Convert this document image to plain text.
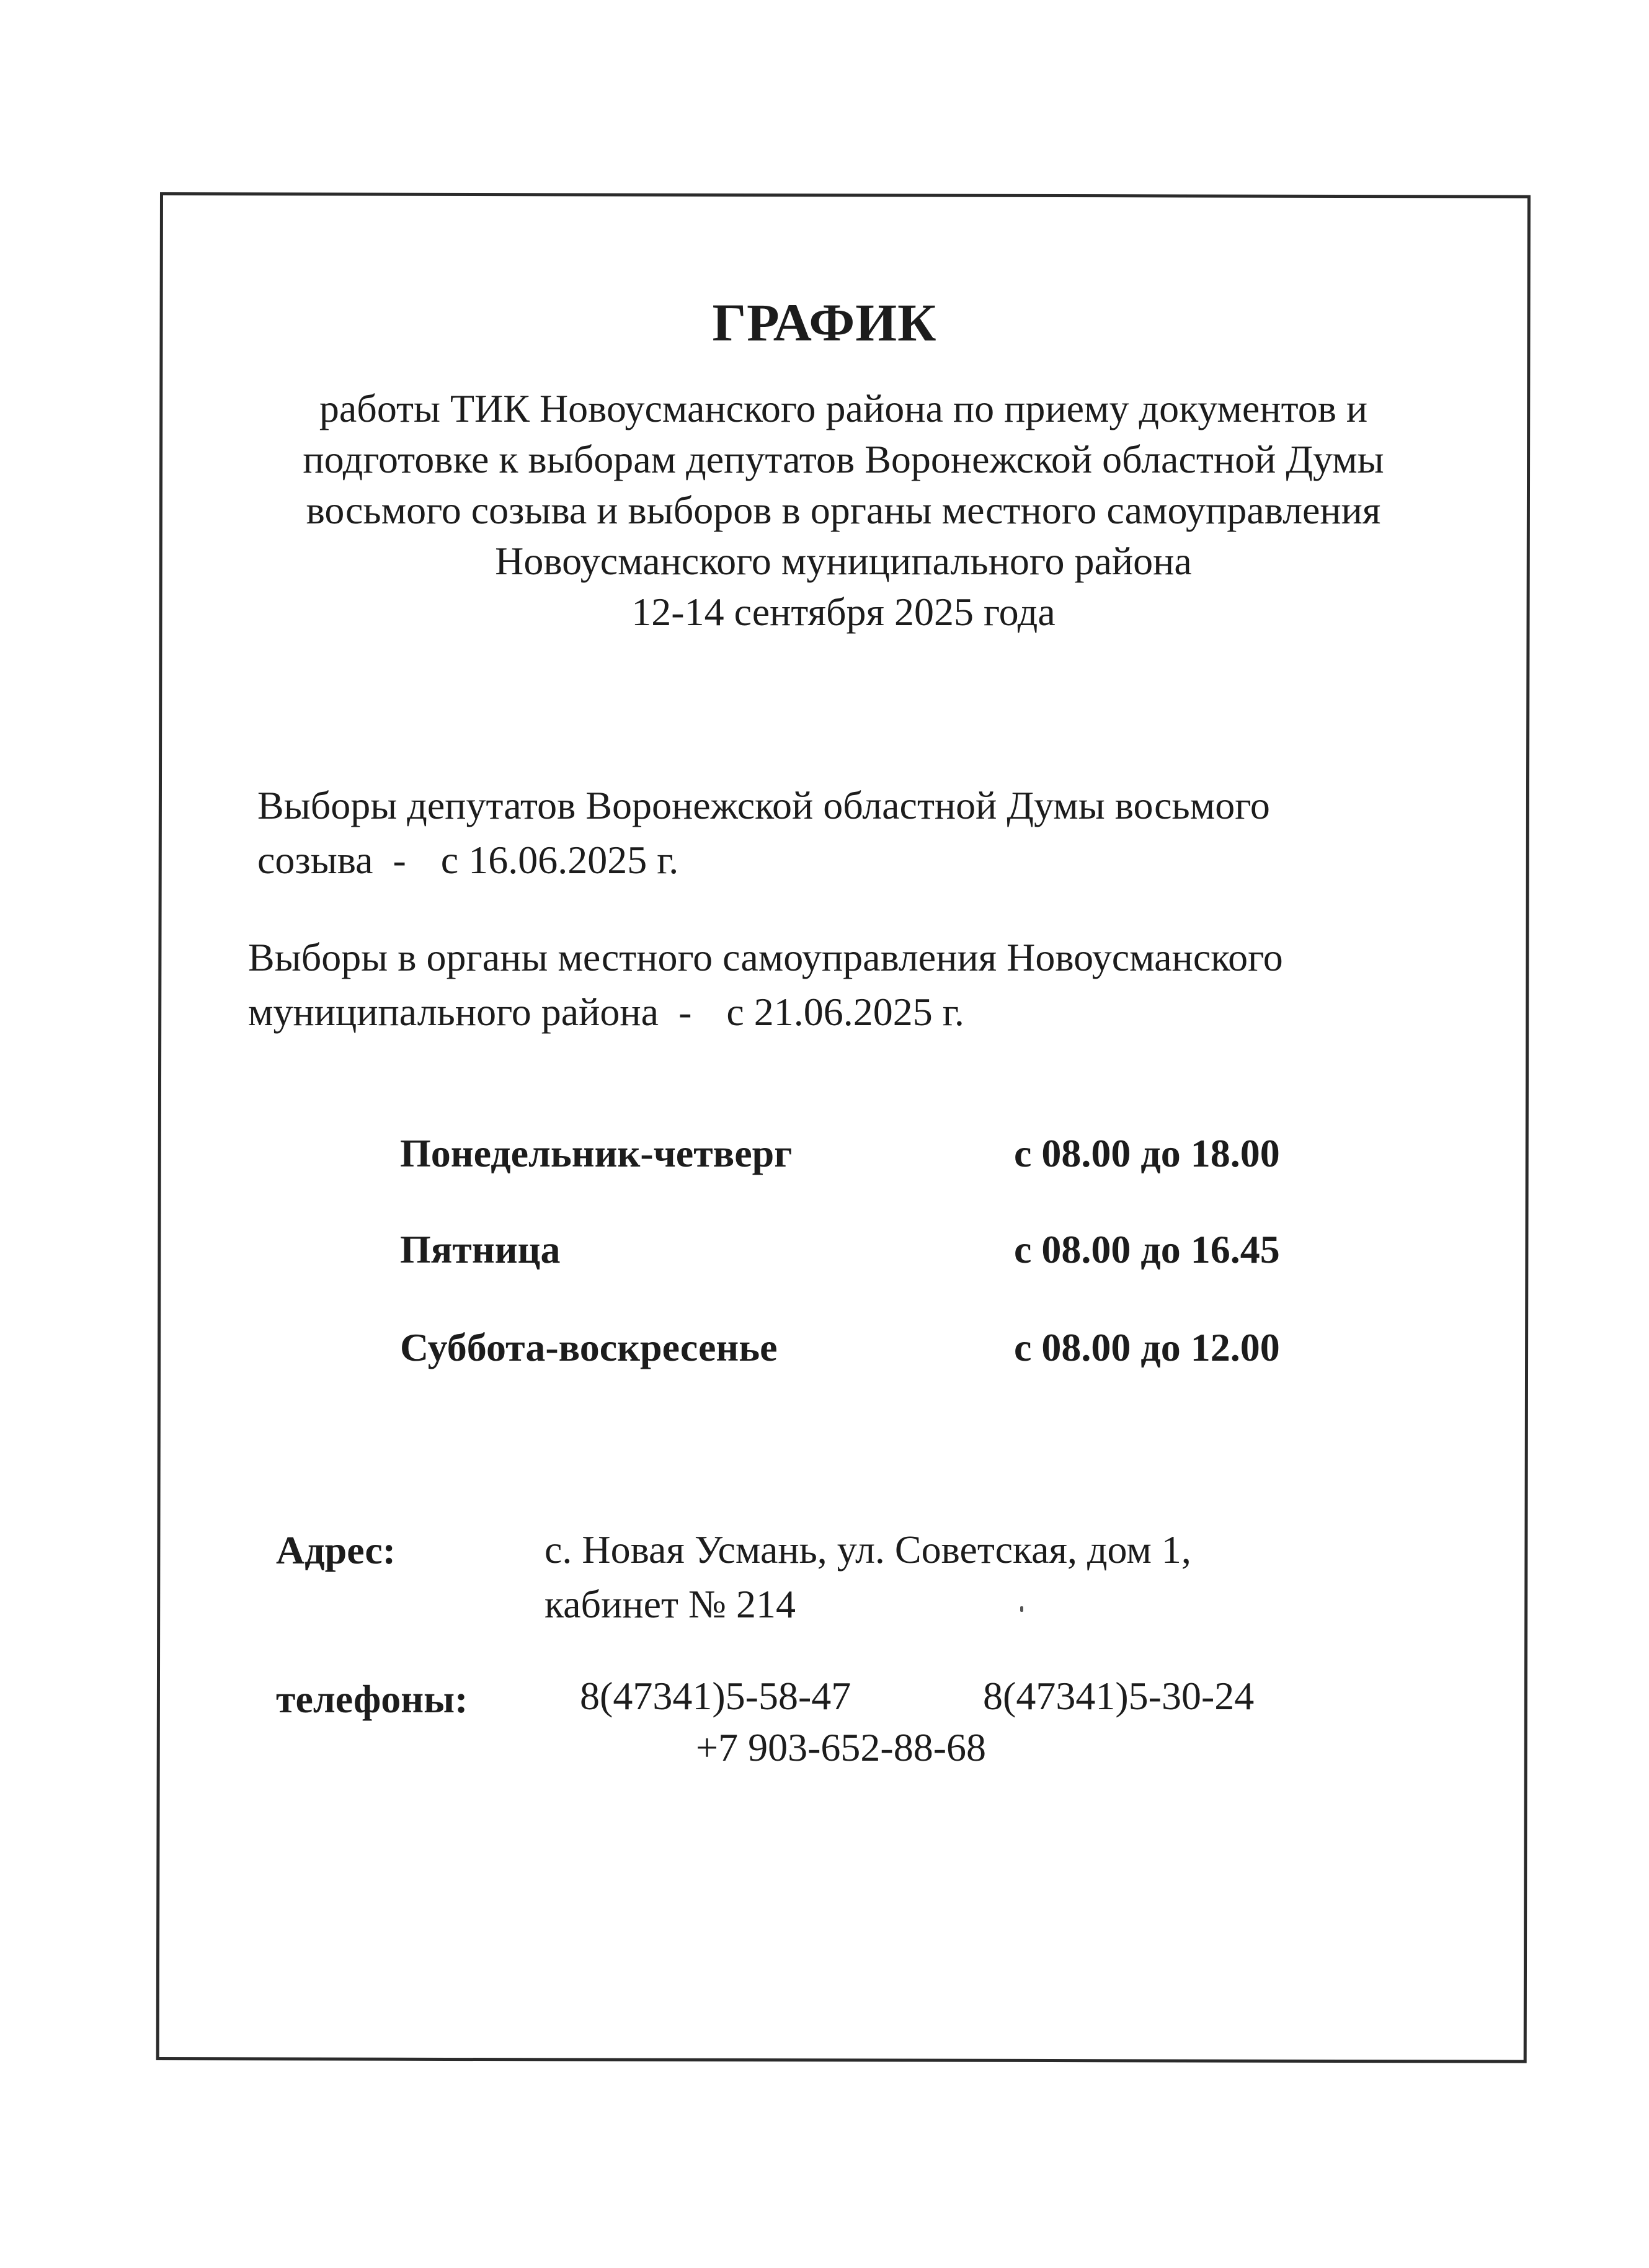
ГРАФИК
работы ТИК Новоусманского района по приему документов и
подготовке к выборам депутатов Воронежской областной Думы
восьмого созыва и выборов в органы местного самоуправления
Новоусманского муниципального района
12-14 сентября 2025 года
Выборы депутатов Воронежской областной Думы восьмого
созыва - с 16.06.2025 г.
Выборы в органы местного самоуправления Новоусманского
муниципального района - с 21.06.2025 г.
Понедельник-четверг	с 08.00 до 18.00
Пятница	с 08.00 до 16.45
Суббота-воскресенье	с 08.00 до 12.00
Адрес:	с. Новая Усмань, ул. Советская, дом 1,
кабинет № 214
телефоны:	8(47341)5-58-47	8(47341)5-30-24
+7 903-652-88-68
